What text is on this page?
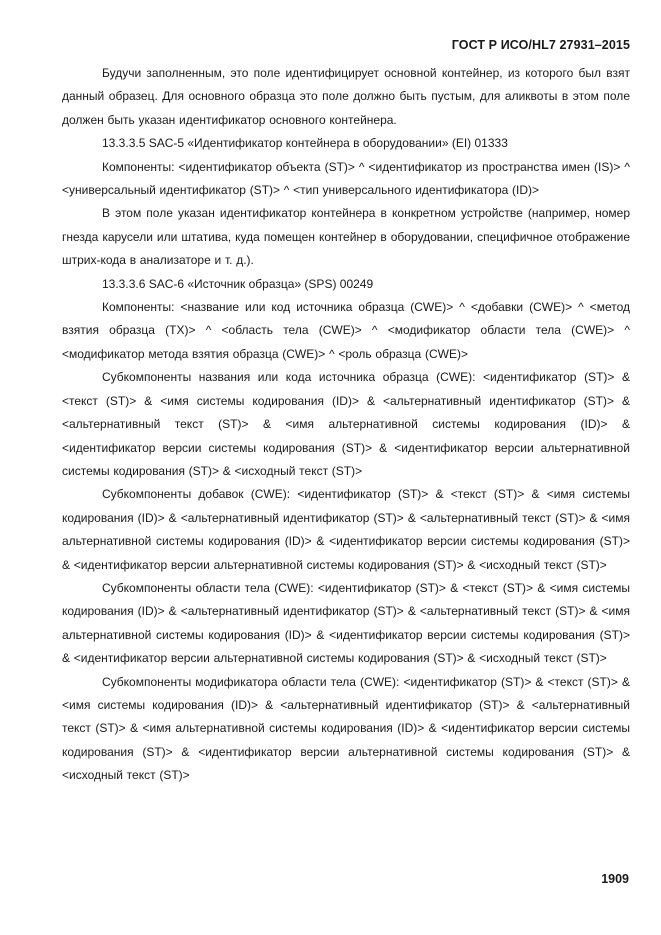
ГОСТ Р ИСО/HL7 27931–2015

Будучи заполненным, это поле идентифицирует основной контейнер, из которого был взят данный образец. Для основного образца это поле должно быть пустым, для аликвоты в этом поле должен быть указан идентификатор основного контейнера.

13.3.3.5 SAC-5 «Идентификатор контейнера в оборудовании» (EI) 01333

Компоненты: <идентификатор объекта (ST)> ^ <идентификатор из пространства имен (IS)> ^ <универсальный идентификатор (ST)> ^ <тип универсального идентификатора (ID)>

В этом поле указан идентификатор контейнера в конкретном устройстве (например, номер гнезда карусели или штатива, куда помещен контейнер в оборудовании, специфичное отображение штрих-кода в анализаторе и т. д.).

13.3.3.6 SAC-6 «Источник образца» (SPS) 00249

Компоненты: <название или код источника образца (CWE)> ^ <добавки (CWE)> ^ <метод взятия образца (TX)> ^ <область тела (CWE)> ^ <модификатор области тела (CWE)> ^ <модификатор метода взятия образца (CWE)> ^ <роль образца (CWE)>

Субкомпоненты названия или кода источника образца (CWE): <идентификатор (ST)> & <текст (ST)> & <имя системы кодирования (ID)> & <альтернативный идентификатор (ST)> & <альтернативный текст (ST)> & <имя альтернативной системы кодирования (ID)> & <идентификатор версии системы кодирования (ST)> & <идентификатор версии альтернативной системы кодирования (ST)> & <исходный текст (ST)>

Субкомпоненты добавок (CWE): <идентификатор (ST)> & <текст (ST)> & <имя системы кодирования (ID)> & <альтернативный идентификатор (ST)> & <альтернативный текст (ST)> & <имя альтернативной системы кодирования (ID)> & <идентификатор версии системы кодирования (ST)> & <идентификатор версии альтернативной системы кодирования (ST)> & <исходный текст (ST)>

Субкомпоненты области тела (CWE): <идентификатор (ST)> & <текст (ST)> & <имя системы кодирования (ID)> & <альтернативный идентификатор (ST)> & <альтернативный текст (ST)> & <имя альтернативной системы кодирования (ID)> & <идентификатор версии системы кодирования (ST)> & <идентификатор версии альтернативной системы кодирования (ST)> & <исходный текст (ST)>

Субкомпоненты модификатора области тела (CWE): <идентификатор (ST)> & <текст (ST)> & <имя системы кодирования (ID)> & <альтернативный идентификатор (ST)> & <альтернативный текст (ST)> & <имя альтернативной системы кодирования (ID)> & <идентификатор версии системы кодирования (ST)> & <идентификатор версии альтернативной системы кодирования (ST)> & <исходный текст (ST)>

1909
